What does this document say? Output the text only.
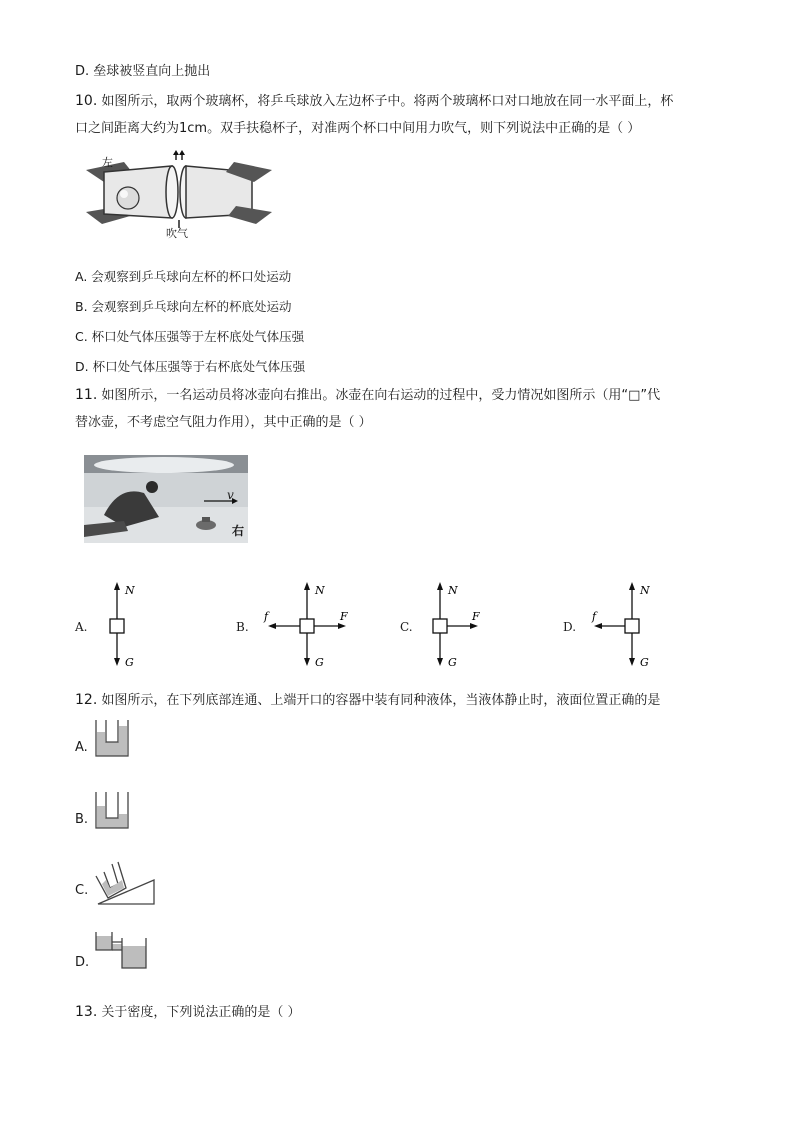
D. 垒球被竖直向上抛出
10. 如图所示，取两个玻璃杯，将乒乓球放入左边杯子中。将两个玻璃杯口对口地放在同一水平面上，杯
口之间距离大约为1cm。双手扶稳杯子，对准两个杯口中间用力吹气，则下列说法中正确的是（ ）
左
吹气
A. 会观察到乒乓球向左杯的杯口处运动
B. 会观察到乒乓球向左杯的杯底处运动
C. 杯口处气体压强等于左杯底处气体压强
D. 杯口处气体压强等于右杯底处气体压强
11. 如图所示，一名运动员将冰壶向右推出。冰壶在向右运动的过程中，受力情况如图所示（用“□”代
替冰壶，不考虑空气阻力作用），其中正确的是（ ）
v
右
A.
N
G
B.
N
G
f	F
C.
N
G
F
D.
N
G
f
12. 如图所示，在下列底部连通、上端开口的容器中装有同种液体，当液体静止时，液面位置正确的是
A.
B.
C.
D.
13. 关于密度，下列说法正确的是（ ）
